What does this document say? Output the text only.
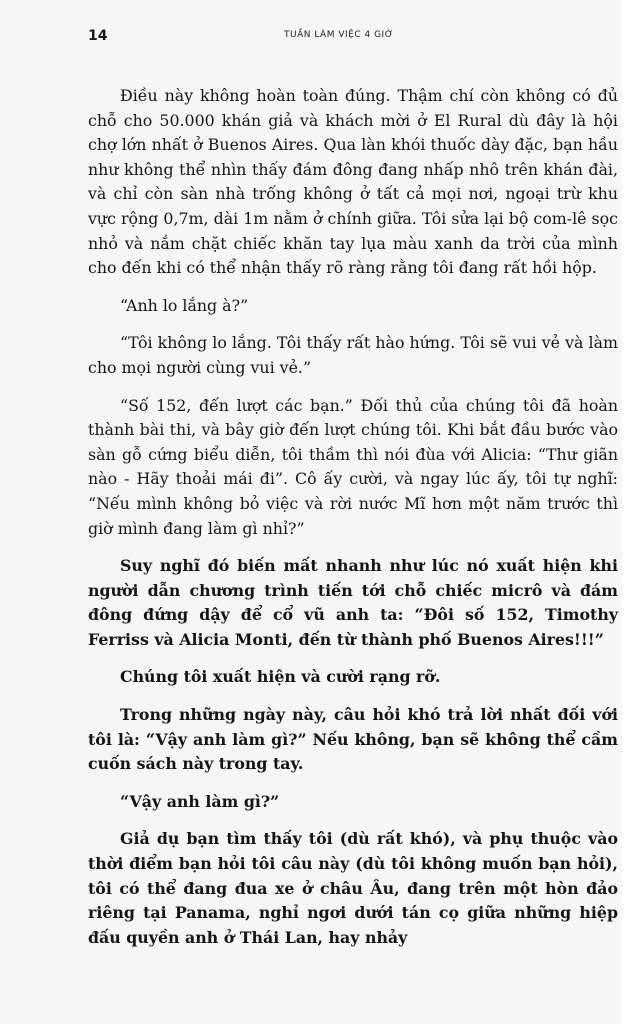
14	TUẦN LÀM VIỆC 4 GIỜ

Điều này không hoàn toàn đúng. Thậm chí còn không có đủ chỗ cho 50.000 khán giả và khách mời ở El Rural dù đây là hội chợ lớn nhất ở Buenos Aires. Qua làn khói thuốc dày đặc, bạn hầu như không thể nhìn thấy đám đông đang nhấp nhô trên khán đài, và chỉ còn sàn nhà trống không ở tất cả mọi nơi, ngoại trừ khu vực rộng 0,7m, dài 1m nằm ở chính giữa. Tôi sửa lại bộ com-lê sọc nhỏ và nắm chặt chiếc khăn tay lụa màu xanh da trời của mình cho đến khi có thể nhận thấy rõ ràng rằng tôi đang rất hồi hộp.

“Anh lo lắng à?”

“Tôi không lo lắng. Tôi thấy rất hào hứng. Tôi sẽ vui vẻ và làm cho mọi người cùng vui vẻ.”

“Số 152, đến lượt các bạn.” Đối thủ của chúng tôi đã hoàn thành bài thi, và bây giờ đến lượt chúng tôi. Khi bắt đầu bước vào sàn gỗ cứng biểu diễn, tôi thầm thì nói đùa với Alicia: “Thư giãn nào - Hãy thoải mái đi”. Cô ấy cười, và ngay lúc ấy, tôi tự nghĩ: “Nếu mình không bỏ việc và rời nước Mĩ hơn một năm trước thì giờ mình đang làm gì nhỉ?”

Suy nghĩ đó biến mất nhanh như lúc nó xuất hiện khi người dẫn chương trình tiến tới chỗ chiếc micrô và đám đông đứng dậy để cổ vũ anh ta: “Đôi số 152, Timothy Ferriss và Alicia Monti, đến từ thành phố Buenos Aires!!!”

Chúng tôi xuất hiện và cười rạng rỡ.

Trong những ngày này, câu hỏi khó trả lời nhất đối với tôi là: “Vậy anh làm gì?” Nếu không, bạn sẽ không thể cầm cuốn sách này trong tay.

“Vậy anh làm gì?”

Giả dụ bạn tìm thấy tôi (dù rất khó), và phụ thuộc vào thời điểm bạn hỏi tôi câu này (dù tôi không muốn bạn hỏi), tôi có thể đang đua xe ở châu Âu, đang trên một hòn đảo riêng tại Panama, nghỉ ngơi dưới tán cọ giữa những hiệp đấu quyền anh ở Thái Lan, hay nhảy
